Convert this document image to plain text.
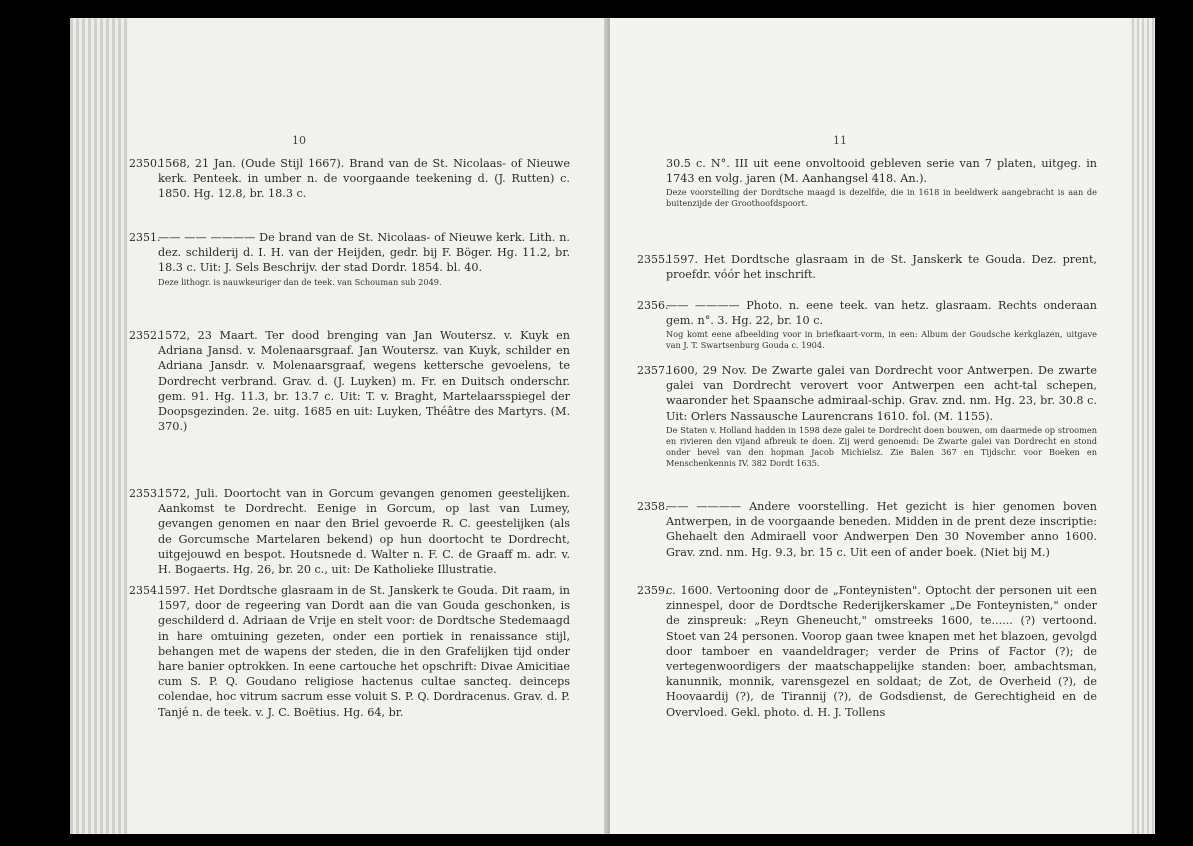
10
2350.
1568, 21 Jan. (Oude Stijl 1667). Brand van de St. Nicolaas- of Nieuwe kerk. Penteek. in umber n. de voorgaande teekening d. (J. Rutten) c. 1850. Hg. 12.8, br. 18.3 c.
2351.
—— —— ———— De brand van de St. Nicolaas- of Nieuwe kerk. Lith. n. dez. schilderij d. I. H. van der Heijden, gedr. bij F. Böger. Hg. 11.2, br. 18.3 c. Uit: J. Sels Beschrijv. der stad Dordr. 1854. bl. 40.
Deze lithogr. is nauwkeuriger dan de teek. van Schouman sub 2049.
2352.
1572, 23 Maart. Ter dood brenging van Jan Woutersz. v. Kuyk en Adriana Jansd. v. Molenaarsgraaf. Jan Woutersz. van Kuyk, schilder en Adriana Jansdr. v. Molenaarsgraaf, wegens kettersche gevoelens, te Dordrecht verbrand. Grav. d. (J. Luyken) m. Fr. en Duitsch onderschr. gem. 91. Hg. 11.3, br. 13.7 c. Uit: T. v. Braght, Martelaarsspiegel der Doopsgezinden. 2e. uitg. 1685 en uit: Luyken, Théâtre des Martyrs. (M. 370.)
2353.
1572, Juli. Doortocht van in Gorcum gevangen genomen geestelijken. Aankomst te Dordrecht. Eenige in Gorcum, op last van Lumey, gevangen genomen en naar den Briel gevoerde R. C. geestelijken (als de Gorcumsche Martelaren bekend) op hun doortocht te Dordrecht, uitgejouwd en bespot. Houtsnede d. Walter n. F. C. de Graaff m. adr. v. H. Bogaerts. Hg. 26, br. 20 c., uit: De Katholieke Illustratie.
2354.
1597. Het Dordtsche glasraam in de St. Janskerk te Gouda. Dit raam, in 1597, door de regeering van Dordt aan die van Gouda geschonken, is geschilderd d. Adriaan de Vrije en stelt voor: de Dordtsche Stedemaagd in hare omtuining gezeten, onder een portiek in renaissance stijl, behangen met de wapens der steden, die in den Grafelijken tijd onder hare banier optrokken. In eene cartouche het opschrift: Divae Amicitiae cum S. P. Q. Goudano religiose hactenus cultae sancteq. deinceps colendae, hoc vitrum sacrum esse voluit S. P. Q. Dordracenus. Grav. d. P. Tanjé n. de teek. v. J. C. Boëtius. Hg. 64, br.
11
30.5 c. N°. III uit eene onvoltooid gebleven serie van 7 platen, uitgeg. in 1743 en volg. jaren (M. Aanhangsel 418. An.).
Deze voorstelling der Dordtsche maagd is dezelfde, die in 1618 in beeldwerk aangebracht is aan de buitenzijde der Groothoofdspoort.
2355.
1597. Het Dordtsche glasraam in de St. Janskerk te Gouda. Dez. prent, proefdr. vóór het inschrift.
2356.
—— ———— Photo. n. eene teek. van hetz. glasraam. Rechts onderaan gem. n°. 3. Hg. 22, br. 10 c.
Nog komt eene afbeelding voor in briefkaart-vorm, in een: Album der Goudsche kerkglazen, uitgave van J. T. Swartsenburg Gouda c. 1904.
2357.
1600, 29 Nov. De Zwarte galei van Dordrecht voor Antwerpen. De zwarte galei van Dordrecht verovert voor Antwerpen een acht-tal schepen, waaronder het Spaansche admiraal-schip. Grav. znd. nm. Hg. 23, br. 30.8 c. Uit: Orlers Nassausche Laurencrans 1610. fol. (M. 1155).
De Staten v. Holland hadden in 1598 deze galei te Dordrecht doen bouwen, om daarmede op stroomen en rivieren den vijand afbreuk te doen. Zij werd genoemd: De Zwarte galei van Dordrecht en stond onder bevel van den hopman Jacob Michielsz. Zie Balen 367 en Tijdschr. voor Boeken en Menschenkennis IV. 382 Dordt 1635.
2358.
—— ———— Andere voorstelling. Het gezicht is hier genomen boven Antwerpen, in de voorgaande beneden. Midden in de prent deze inscriptie: Ghehaelt den Admiraell voor Andwerpen Den 30 November anno 1600. Grav. znd. nm. Hg. 9.3, br. 15 c. Uit een of ander boek. (Niet bij M.)
2359.
c. 1600. Vertooning door de „Fonteynisten". Optocht der personen uit een zinnespel, door de Dordtsche Rederijkerskamer „De Fonteynisten," onder de zinspreuk: „Reyn Gheneucht," omstreeks 1600, te...... (?) vertoond. Stoet van 24 personen. Voorop gaan twee knapen met het blazoen, gevolgd door tamboer en vaandeldrager; verder de Prins of Factor (?); de vertegenwoordigers der maatschappelijke standen: boer, ambachtsman, kanunnik, monnik, varensgezel en soldaat; de Zot, de Overheid (?), de Hoovaardij (?), de Tirannij (?), de Godsdienst, de Gerechtigheid en de Overvloed. Gekl. photo. d. H. J. Tollens
